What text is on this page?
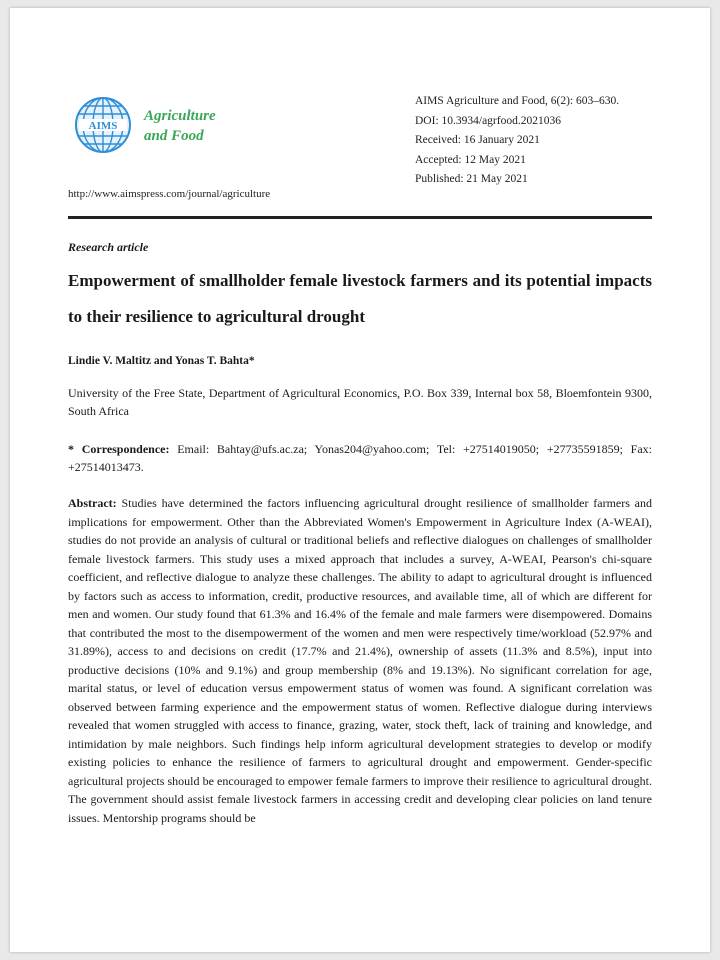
AIMS
Agriculture
and Food
AIMS Agriculture and Food, 6(2): 603–630.
DOI: 10.3934/agrfood.2021036
Received: 16 January 2021
Accepted: 12 May 2021
Published: 21 May 2021
http://www.aimspress.com/journal/agriculture
Research article
Empowerment of smallholder female livestock farmers and its potential impacts to their resilience to agricultural drought
Lindie V. Maltitz and Yonas T. Bahta*
University of the Free State, Department of Agricultural Economics, P.O. Box 339, Internal box 58, Bloemfontein 9300, South Africa
* Correspondence: Email: Bahtay@ufs.ac.za; Yonas204@yahoo.com; Tel: +27514019050; +27735591859; Fax: +27514013473.

Abstract: Studies have determined the factors influencing agricultural drought resilience of smallholder farmers and implications for empowerment. Other than the Abbreviated Women's Empowerment in Agriculture Index (A-WEAI), studies do not provide an analysis of cultural or traditional beliefs and reflective dialogues on challenges of smallholder female livestock farmers. This study uses a mixed approach that includes a survey, A-WEAI, Pearson's chi-square coefficient, and reflective dialogue to analyze these challenges. The ability to adapt to agricultural drought is influenced by factors such as access to information, credit, productive resources, and available time, all of which are different for men and women. Our study found that 61.3% and 16.4% of the female and male farmers were disempowered. Domains that contributed the most to the disempowerment of the women and men were respectively time/workload (52.97% and 31.89%), access to and decisions on credit (17.7% and 21.4%), ownership of assets (11.3% and 8.5%), input into productive decisions (10% and 9.1%) and group membership (8% and 19.13%). No significant correlation for age, marital status, or level of education versus empowerment status of women was found. A significant correlation was observed between farming experience and the empowerment status of women. Reflective dialogue during interviews revealed that women struggled with access to finance, grazing, water, stock theft, lack of training and knowledge, and intimidation by male neighbors. Such findings help inform agricultural development strategies to develop or modify existing policies to enhance the resilience of farmers to agricultural drought and empowerment. Gender-specific agricultural projects should be encouraged to empower female farmers to improve their resilience to agricultural drought. The government should assist female livestock farmers in accessing credit and developing clear policies on land tenure issues. Mentorship programs should be
